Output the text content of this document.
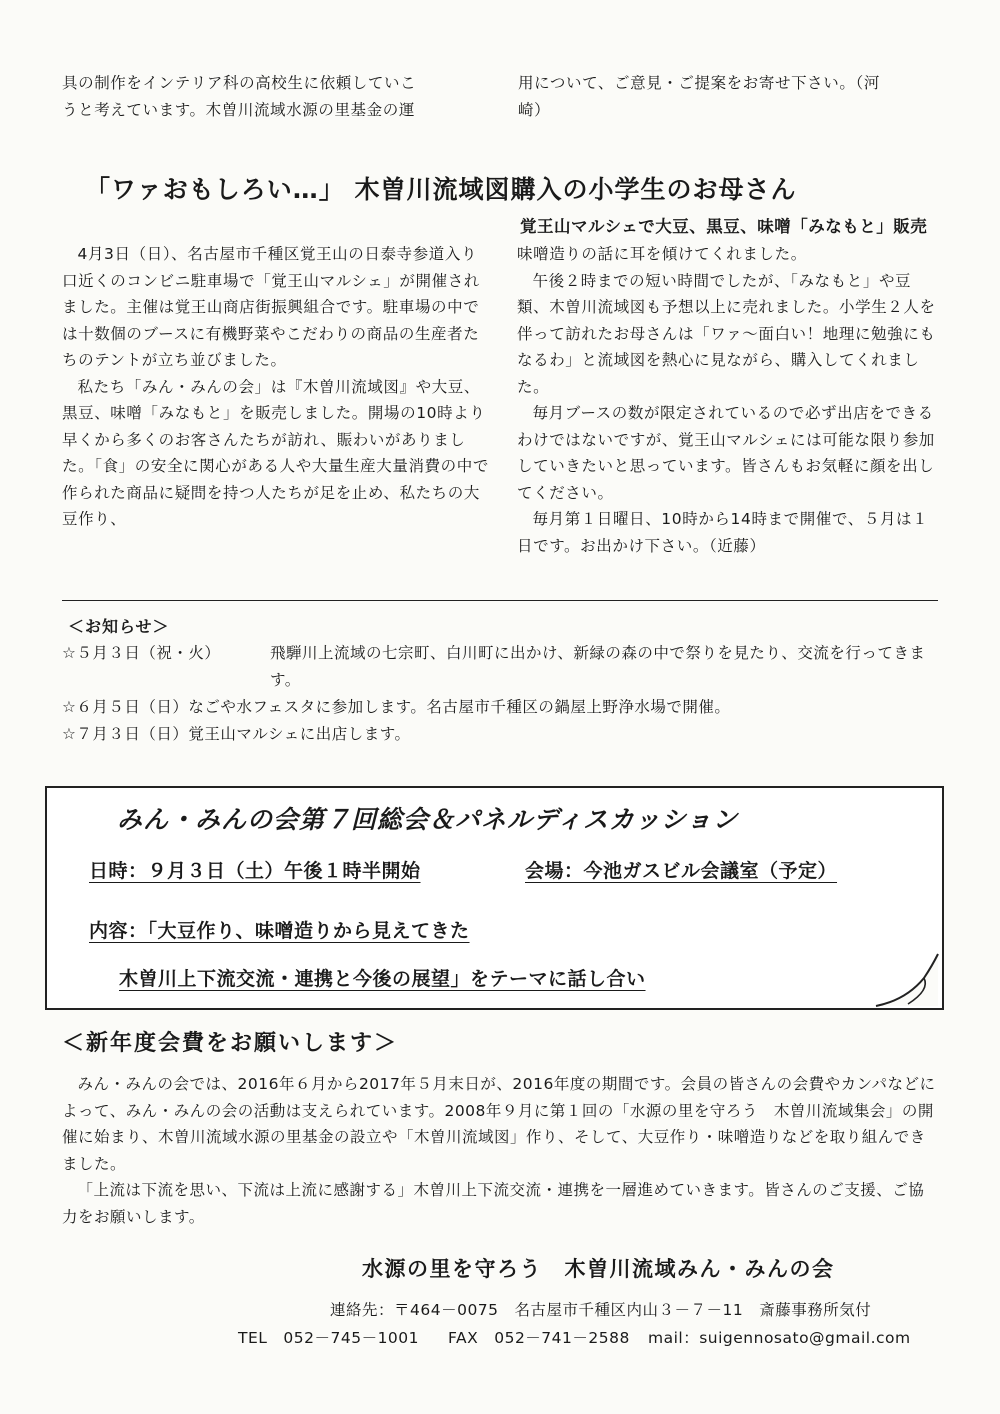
具の制作をインテリア科の高校生に依頼していこ
うと考えています。木曽川流域水源の里基金の運
用について、ご意見・ご提案をお寄せ下さい。（河
崎）
「ワァおもしろい…」 木曽川流域図購入の小学生のお母さん
覚王山マルシェで大豆、黒豆、味噌「みなもと」販売

4月3日（日）、名古屋市千種区覚王山の日泰寺参道入り口近くのコンビニ駐車場で「覚王山マルシェ」が開催されました。主催は覚王山商店街振興組合です。駐車場の中では十数個のブースに有機野菜やこだわりの商品の生産者たちのテントが立ち並びました。

私たち「みん・みんの会」は『木曽川流域図』や大豆、黒豆、味噌「みなもと」を販売しました。開場の10時より早くから多くのお客さんたちが訪れ、賑わいがありました。「食」の安全に関心がある人や大量生産大量消費の中で作られた商品に疑問を持つ人たちが足を止め、私たちの大豆作り、

味噌造りの話に耳を傾けてくれました。

午後２時までの短い時間でしたが、「みなもと」や豆類、木曽川流域図も予想以上に売れました。小学生２人を伴って訪れたお母さんは「ワァ～面白い！地理に勉強にもなるわ」と流域図を熱心に見ながら、購入してくれました。

毎月ブースの数が限定されているので必ず出店をできるわけではないですが、覚王山マルシェには可能な限り参加していきたいと思っています。皆さんもお気軽に顔を出してください。

毎月第１日曜日、10時から14時まで開催で、５月は１日です。お出かけ下さい。（近藤）

＜お知らせ＞
☆５月３日（祝・火）	飛騨川上流域の七宗町、白川町に出かけ、新緑の森の中で祭りを見たり、交流を行ってきます。
☆６月５日（日） なごや水フェスタに参加します。名古屋市千種区の鍋屋上野浄水場で開催。
☆７月３日（日） 覚王山マルシェに出店します。
みん・みんの会第７回総会＆パネルディスカッション
日時：９月３日（土）午後１時半開始	会場：今池ガスビル会議室（予定）
内容：「大豆作り、味噌造りから見えてきた
木曽川上下流交流・連携と今後の展望」をテーマに話し合い
＜新年度会費をお願いします＞

みん・みんの会では、2016年６月から2017年５月末日が、2016年度の期間です。会員の皆さんの会費やカンパなどによって、みん・みんの会の活動は支えられています。2008年９月に第１回の「水源の里を守ろう　木曽川流域集会」の開催に始まり、木曽川流域水源の里基金の設立や「木曽川流域図」作り、そして、大豆作り・味噌造りなどを取り組んできました。

「上流は下流を思い、下流は上流に感謝する」木曽川上下流交流・連携を一層進めていきます。皆さんのご支援、ご協力をお願いします。

水源の里を守ろう　木曽川流域みん・みんの会
連絡先：〒464－0075　名古屋市千種区内山３－７－11　斎藤事務所気付
TEL　052－745－1001 FAX　052－741－2588 mail：suigennosato@gmail.com
